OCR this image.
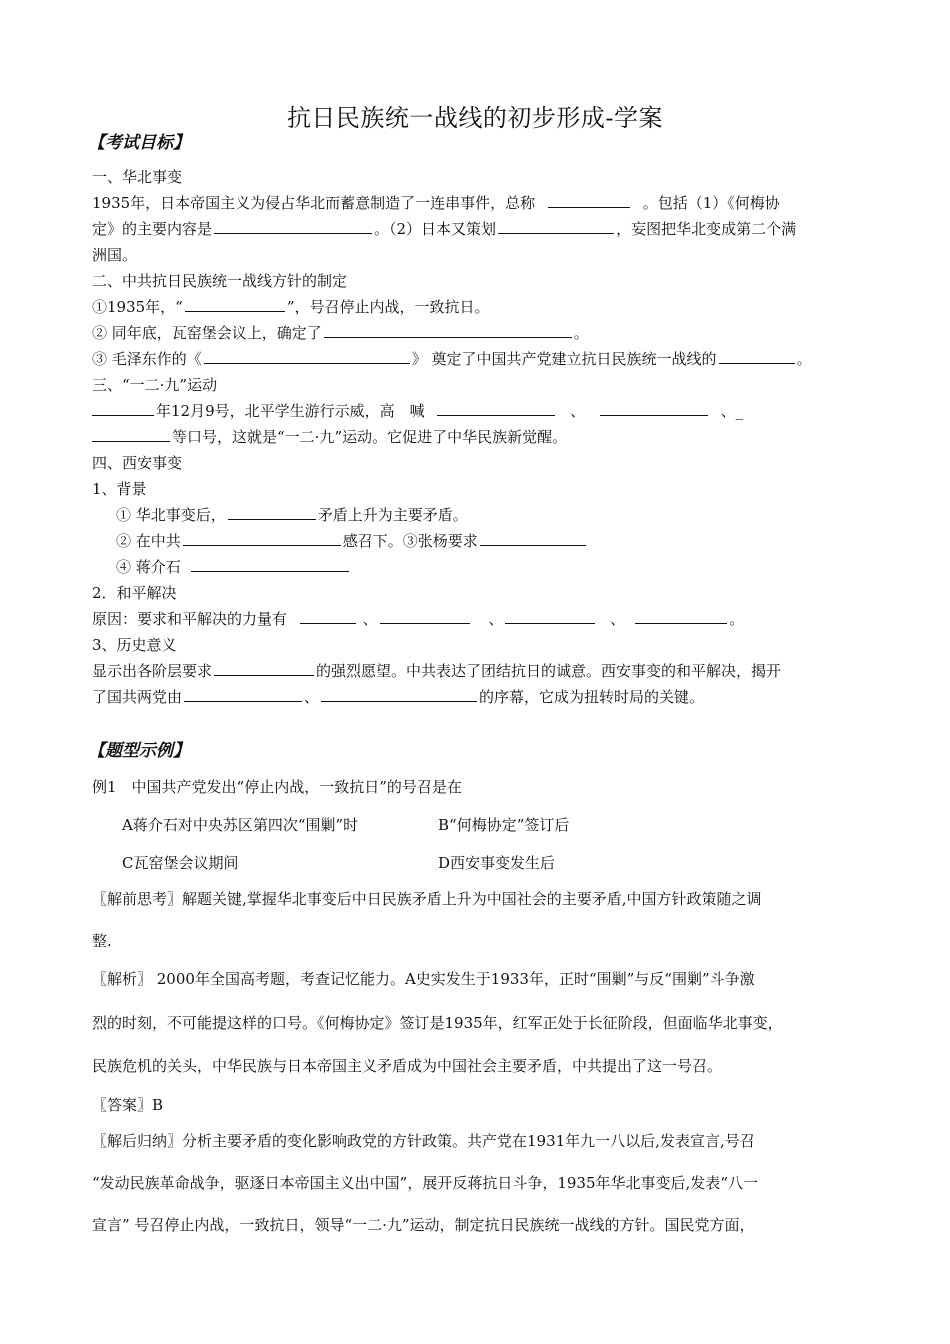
抗日民族统一战线的初步形成-学案
【考试目标】
一、华北事变
1935年，日本帝国主义为侵占华北而蓄意制造了一连串事件，总称	。包括（1）《何梅协
定》的主要内容是	。（2）日本又策划	，妄图把华北变成第二个满
洲国。
二、中共抗日民族统一战线方针的制定
①1935年，“	”，号召停止内战，一致抗日。
② 同年底，瓦窑堡会议上，确定了	。
③ 毛泽东作的《	》 奠定了中国共产党建立抗日民族统一战线的	。
三、“一二·九”运动
年12月9号，北平学生游行示威，高　喊	、	、_
等口号，这就是“一二·九”运动。它促进了中华民族新觉醒。
四、西安事变
1、背景
① 华北事变后，	矛盾上升为主要矛盾。
② 在中共	感召下。③张杨要求
④ 蒋介石
2．和平解决
原因：要求和平解决的力量有	、	、	、	。
3、历史意义
显示出各阶层要求	的强烈愿望。中共表达了团结抗日的诚意。西安事变的和平解决，揭开
了国共两党由	、	的序幕，它成为扭转时局的关键。
【题型示例】
例1　中国共产党发出“停止内战，一致抗日”的号召是在
A蒋介石对中央苏区第四次“围剿”时	B“何梅协定”签订后
C瓦窑堡会议期间	D西安事变发生后
〖解前思考〗解题关键,掌握华北事变后中日民族矛盾上升为中国社会的主要矛盾,中国方针政策随之调
整.
〖解析〗 2000年全国高考题，考查记忆能力。A史实发生于1933年，正时“围剿”与反“围剿”斗争激
烈的时刻，不可能提这样的口号。《何梅协定》签订是1935年，红军正处于长征阶段，但面临华北事变，
民族危机的关头，中华民族与日本帝国主义矛盾成为中国社会主要矛盾，中共提出了这一号召。
〖答案〗B
〖解后归纳〗分析主要矛盾的变化影响政党的方针政策。共产党在1931年九一八以后,发表宣言,号召
“发动民族革命战争，驱逐日本帝国主义出中国”，展开反蒋抗日斗争，1935年华北事变后,发表“八一
宣言” 号召停止内战，一致抗日，领导“一二·九”运动，制定抗日民族统一战线的方针。国民党方面，
